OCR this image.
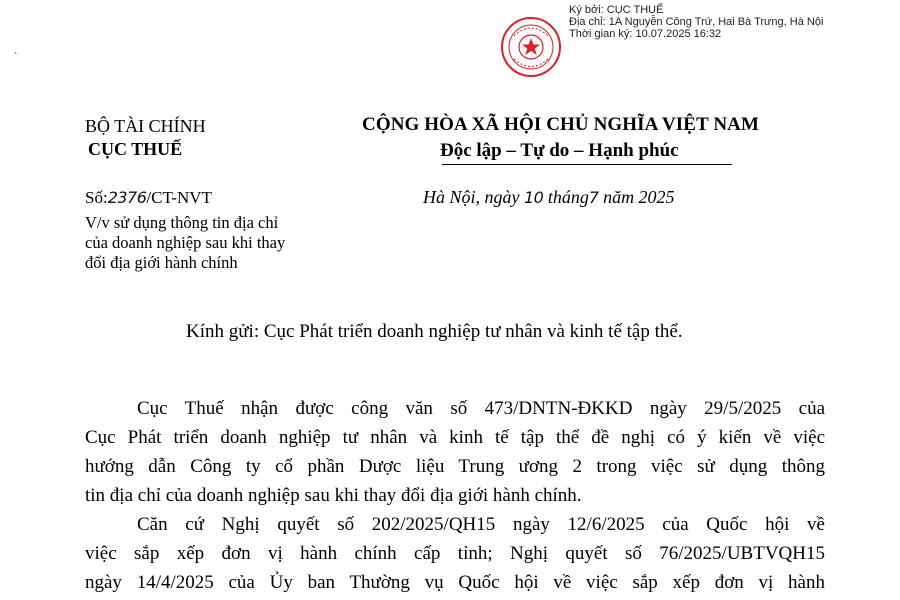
Ký bởi: CỤC THUẾ
Địa chỉ: 1A Nguyễn Công Trứ, Hai Bà Trưng, Hà Nội
Thời gian ký: 10.07.2025 16:32
`
BỘ TÀI CHÍNH
CỤC THUẾ
CỘNG HÒA XÃ HỘI CHỦ NGHĨA VIỆT NAM
Độc lập – Tự do – Hạnh phúc
Số:2376/CT-NVT
V/v sử dụng thông tin địa chỉ
của doanh nghiệp sau khi thay
đổi địa giới hành chính
Hà Nội, ngày 10 tháng7 năm 2025
Kính gửi: Cục Phát triển doanh nghiệp tư nhân và kinh tế tập thể.
Cục Thuế nhận được công văn số 473/DNTN-ĐKKD ngày 29/5/2025 của
Cục Phát triển doanh nghiệp tư nhân và kinh tế tập thể đề nghị có ý kiến về việc
hướng dẫn Công ty cổ phần Dược liệu Trung ương 2 trong việc sử dụng thông
tin địa chỉ của doanh nghiệp sau khi thay đổi địa giới hành chính.
Căn cứ Nghị quyết số 202/2025/QH15 ngày 12/6/2025 của Quốc hội về
việc sắp xếp đơn vị hành chính cấp tỉnh; Nghị quyết số 76/2025/UBTVQH15
ngày 14/4/2025 của Ủy ban Thường vụ Quốc hội về việc sắp xếp đơn vị hành
